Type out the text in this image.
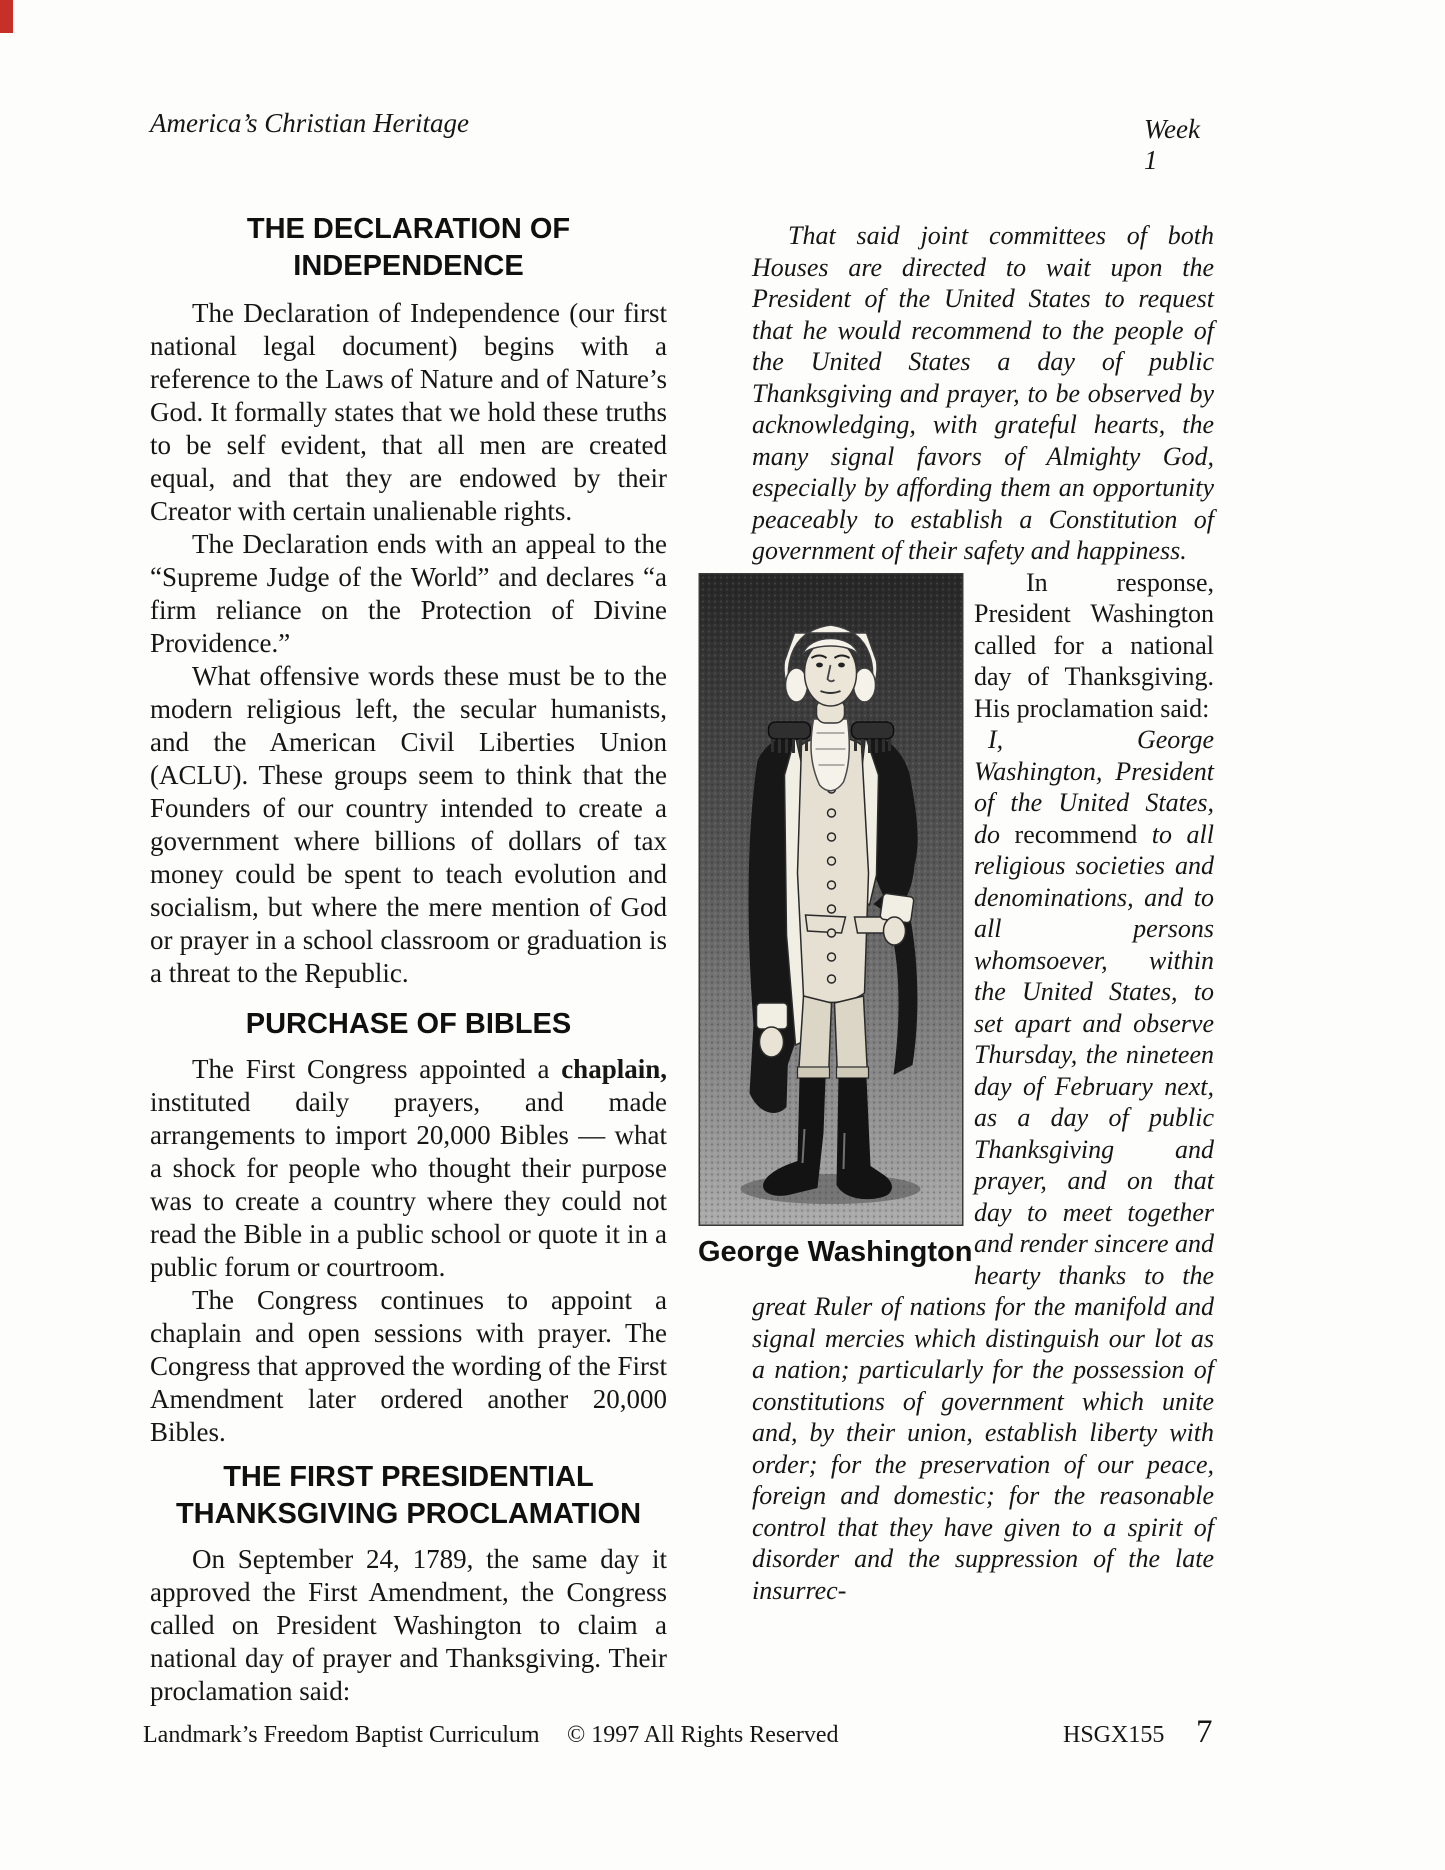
America’s Christian Heritage	Week 1
THE DECLARATION OF
INDEPENDENCE

The Declaration of Independence (our first national legal document) begins with a reference to the Laws of Nature and of Nature’s God. It formally states that we hold these truths to be self evident, that all men are created equal, and that they are endowed by their Creator with certain unalienable rights.

The Declaration ends with an appeal to the “Supreme Judge of the World” and declares “a firm reliance on the Protection of Divine Providence.”

What offensive words these must be to the modern religious left, the secular humanists, and the American Civil Liberties Union (ACLU). These groups seem to think that the Founders of our country intended to create a government where billions of dollars of tax money could be spent to teach evolution and socialism, but where the mere mention of God or prayer in a school classroom or graduation is a threat to the Republic.

PURCHASE OF BIBLES

The First Congress appointed a chaplain, instituted daily prayers, and made arrangements to import 20,000 Bibles — what a shock for people who thought their purpose was to create a country where they could not read the Bible in a public school or quote it in a public forum or courtroom.

The Congress continues to appoint a chaplain and open sessions with prayer. The Congress that approved the wording of the First Amendment later ordered another 20,000 Bibles.

THE FIRST PRESIDENTIAL
THANKSGIVING PROCLAMATION

On September 24, 1789, the same day it approved the First Amendment, the Congress called on President Washington to claim a national day of prayer and Thanksgiving. Their proclamation said:

That said joint committees of both Houses are directed to wait upon the President of the United States to request that he would recommend to the people of the United States a day of public Thanksgiving and prayer, to be observed by acknowledging, with grateful hearts, the many signal favors of Almighty God, especially by affording them an opportunity peaceably to establish a Constitution of government of their safety and happiness.

George Washington

In response, President Washington called for a national day of Thanksgiving. His proclamation said:

I, George Washington, President of the United States, do recommend to all religious societies and denominations, and to all persons whomsoever, within the United States, to set apart and observe Thursday, the nineteen day of February next, as a day of public Thanksgiving and prayer, and on that day to meet together and render sincere and hearty thanks to the great Ruler of nations for the manifold and signal mercies which distinguish our lot as a nation; particularly for the possession of constitutions of government which unite and, by their union, establish liberty with order; for the preservation of our peace, foreign and domestic; for the reasonable control that they have given to a spirit of disorder and the suppression of the late insurrec-

Landmark’s Freedom Baptist Curriculum © 1997 All Rights Reserved	HSGX155 7
